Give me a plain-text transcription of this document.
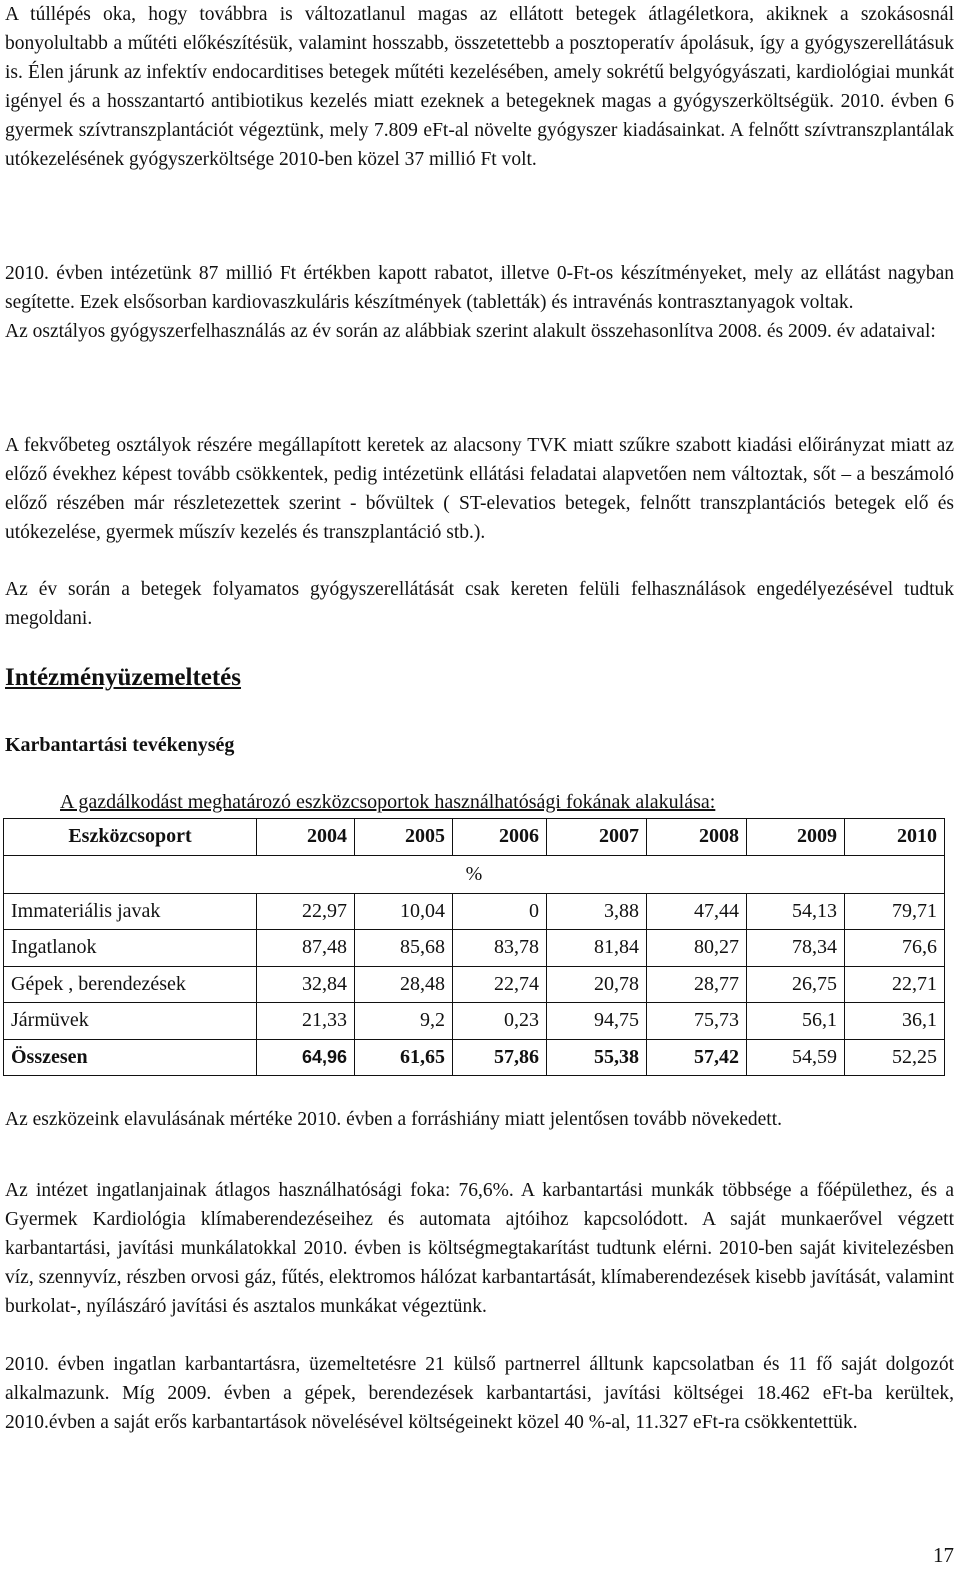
A túllépés oka, hogy továbbra is változatlanul magas az ellátott betegek átlagéletkora, akiknek a szokásosnál bonyolultabb a műtéti előkészítésük, valamint hosszabb, összetettebb a posztoperatív ápolásuk, így a gyógyszerellátásuk is. Élen járunk az infektív endocarditises betegek műtéti kezelésében, amely sokrétű belgyógyászati, kardiológiai munkát igényel és a hosszantartó antibiotikus kezelés miatt ezeknek a betegeknek magas a gyógyszerköltségük. 2010. évben 6 gyermek szívtranszplantációt végeztünk, mely 7.809 eFt-al növelte gyógyszer kiadásainkat. A felnőtt szívtranszplantálak utókezelésének gyógyszerköltsége 2010-ben közel 37 millió Ft volt.

2010. évben intézetünk 87 millió Ft értékben kapott rabatot, illetve 0-Ft-os készítményeket, mely az ellátást nagyban segítette. Ezek elsősorban kardiovaszkuláris készítmények (tabletták) és intravénás kontrasztanyagok voltak.

Az osztályos gyógyszerfelhasználás az év során az alábbiak szerint alakult összehasonlítva 2008. és 2009. év adataival:

A fekvőbeteg osztályok részére megállapított keretek az alacsony TVK miatt szűkre szabott kiadási előirányzat miatt az előző évekhez képest tovább csökkentek, pedig intézetünk ellátási feladatai alapvetően nem változtak, sőt – a beszámoló előző részében már részletezettek szerint - bővültek ( ST-elevatios betegek, felnőtt transzplantációs betegek elő és utókezelése, gyermek műszív kezelés és transzplantáció stb.).

Az év során a betegek folyamatos gyógyszerellátását csak kereten felüli felhasználások engedélyezésével tudtuk megoldani.

Intézményüzemeltetés
Karbantartási tevékenység

A gazdálkodást meghatározó eszközcsoportok használhatósági fokának alakulása:

Eszközcsoport	2004	2005	2006	2007	2008	2009	2010
%							
Immateriális javak	22,97	10,04	0	3,88	47,44	54,13	79,71
Ingatlanok	87,48	85,68	83,78	81,84	80,27	78,34	76,6
Gépek , berendezések	32,84	28,48	22,74	20,78	28,77	26,75	22,71
Jármüvek	21,33	9,2	0,23	94,75	75,73	56,1	36,1
Összesen	64,96	61,65	57,86	55,38	57,42	54,59	52,25

Az eszközeink elavulásának mértéke 2010. évben a forráshiány miatt jelentősen tovább növekedett.

Az intézet ingatlanjainak átlagos használhatósági foka: 76,6%. A karbantartási munkák többsége a főépülethez, és a Gyermek Kardiológia klímaberendezéseihez és automata ajtóihoz kapcsolódott. A saját munkaerővel végzett karbantartási, javítási munkálatokkal 2010. évben is költségmegtakarítást tudtunk elérni. 2010-ben saját kivitelezésben víz, szennyvíz, részben orvosi gáz, fűtés, elektromos hálózat karbantartását, klímaberendezések kisebb javítását, valamint burkolat-, nyílászáró javítási és asztalos munkákat végeztünk.

2010. évben ingatlan karbantartásra, üzemeltetésre 21 külső partnerrel álltunk kapcsolatban és 11 fő saját dolgozót alkalmazunk. Míg 2009. évben a gépek, berendezések karbantartási, javítási költségei 18.462 eFt-ba kerültek, 2010.évben a saját erős karbantartások növelésével költségeinekt közel 40 %-al, 11.327 eFt-ra csökkentettük.

17
